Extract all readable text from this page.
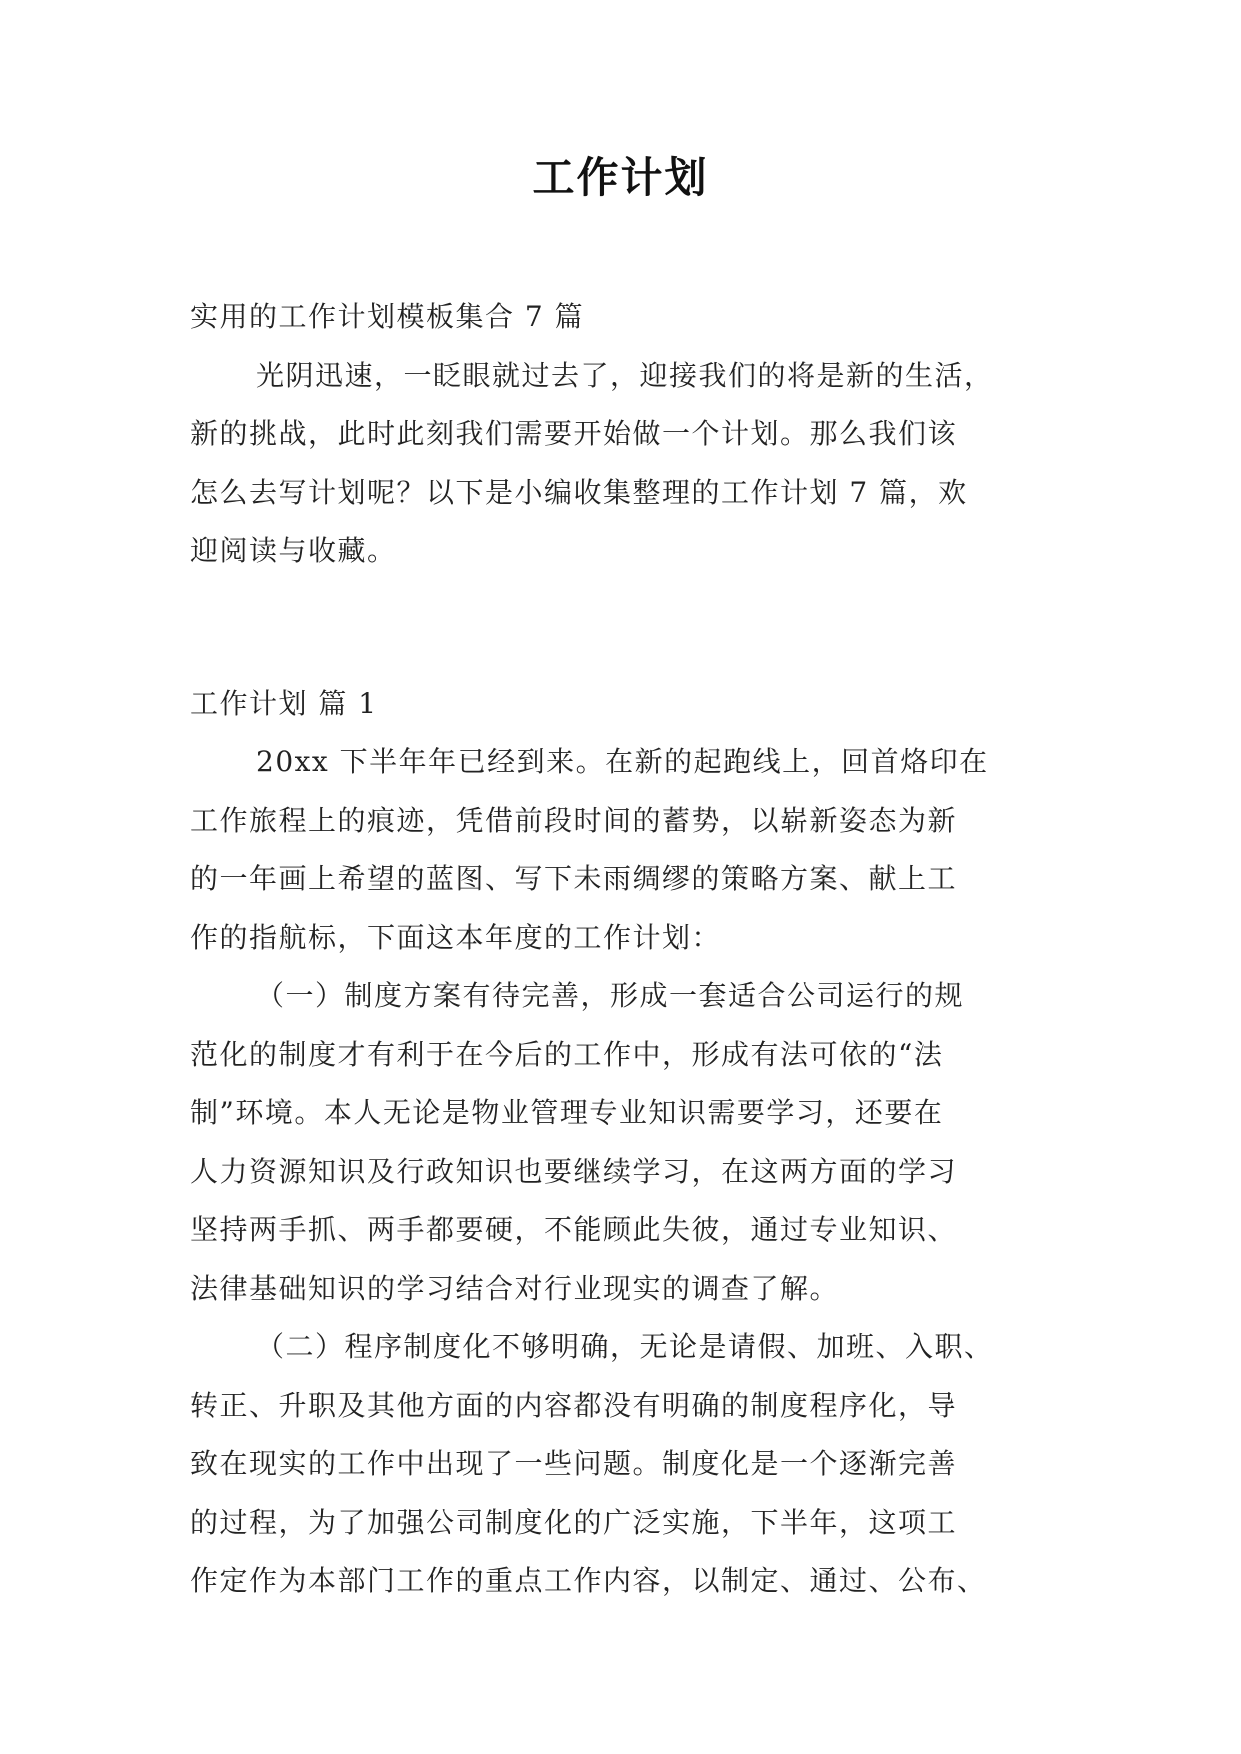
工作计划
实用的工作计划模板集合 7 篇
光阴迅速，一眨眼就过去了，迎接我们的将是新的生活，
新的挑战，此时此刻我们需要开始做一个计划。那么我们该
怎么去写计划呢？以下是小编收集整理的工作计划 7 篇，欢
迎阅读与收藏。
工作计划 篇 1
20xx 下半年年已经到来。在新的起跑线上，回首烙印在
工作旅程上的痕迹，凭借前段时间的蓄势，以崭新姿态为新
的一年画上希望的蓝图、写下未雨绸缪的策略方案、献上工
作的指航标，下面这本年度的工作计划：
（一）制度方案有待完善，形成一套适合公司运行的规
范化的制度才有利于在今后的工作中，形成有法可依的“法
制”环境。本人无论是物业管理专业知识需要学习，还要在
人力资源知识及行政知识也要继续学习，在这两方面的学习
坚持两手抓、两手都要硬，不能顾此失彼，通过专业知识、
法律基础知识的学习结合对行业现实的调查了解。
（二）程序制度化不够明确，无论是请假、加班、入职、
转正、升职及其他方面的内容都没有明确的制度程序化，导
致在现实的工作中出现了一些问题。制度化是一个逐渐完善
的过程，为了加强公司制度化的广泛实施，下半年，这项工
作定作为本部门工作的重点工作内容，以制定、通过、公布、
